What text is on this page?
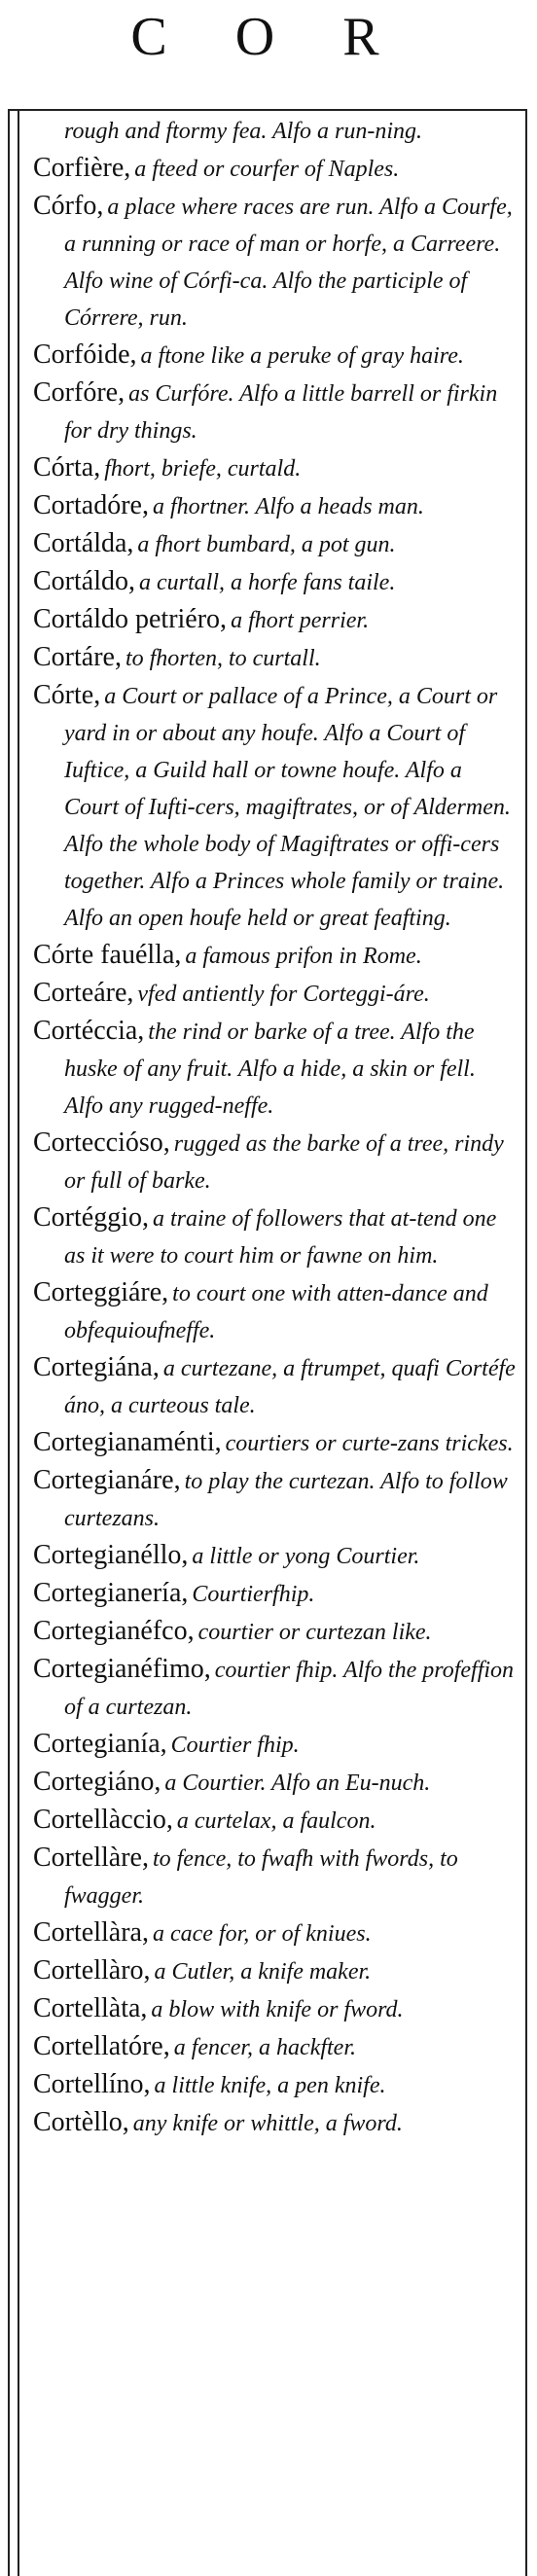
C O R

rough and ftormy fea. Alfo a run-ning.

Corfière, a fteed or courfer of Naples.

Córfo, a place where races are run. Alfo a Courfe, a running or race of man or horfe, a Carreere. Alfo wine of Córfi-ca. Alfo the participle of Córrere, run.

Corfóide, a ftone like a peruke of gray haire.

Corfóre, as Curfóre. Alfo a little barrell or firkin for dry things.

Córta, fhort, briefe, curtald.

Cortadóre, a fhortner. Alfo a heads man.

Cortálda, a fhort bumbard, a pot gun.

Cortáldo, a curtall, a horfe fans taile.

Cortáldo petriéro, a fhort perrier.

Cortáre, to fhorten, to curtall.

Córte, a Court or pallace of a Prince, a Court or yard in or about any houfe. Alfo a Court of Iuftice, a Guild hall or towne houfe. Alfo a Court of Iufti-cers, magiftrates, or of Aldermen. Alfo the whole body of Magiftrates or offi-cers together. Alfo a Princes whole family or traine. Alfo an open houfe held or great feafting.

Córte fauélla, a famous prifon in Rome.

Corteáre, vfed antiently for Corteggi-áre.

Cortéccia, the rind or barke of a tree. Alfo the huske of any fruit. Alfo a hide, a skin or fell. Alfo any rugged-neffe.

Corteccióso, rugged as the barke of a tree, rindy or full of barke.

Cortéggio, a traine of followers that at-tend one as it were to court him or fawne on him.

Corteggiáre, to court one with atten-dance and obfequioufneffe.

Cortegiána, a curtezane, a ftrumpet, quafi Cortéfe áno, a curteous tale.

Cortegianaménti, courtiers or curte-zans trickes.

Cortegianáre, to play the curtezan. Alfo to follow curtezans.

Cortegianéllo, a little or yong Courtier.

Cortegianería, Courtierfhip.

Cortegianéfco, courtier or curtezan like.

Cortegianéfimo, courtier fhip. Alfo the profeffion of a curtezan.

Cortegianía, Courtier fhip.

Cortegiáno, a Courtier. Alfo an Eu-nuch.

Cortellàccio, a curtelax, a faulcon.

Cortellàre, to fence, to fwafh with fwords, to fwagger.

Cortellàra, a cace for, or of kniues.

Cortellàro, a Cutler, a knife maker.

Cortellàta, a blow with knife or fword.

Cortellatóre, a fencer, a hackfter.

Cortellíno, a little knife, a pen knife.

Cortèllo, any knife or whittle, a fword.
